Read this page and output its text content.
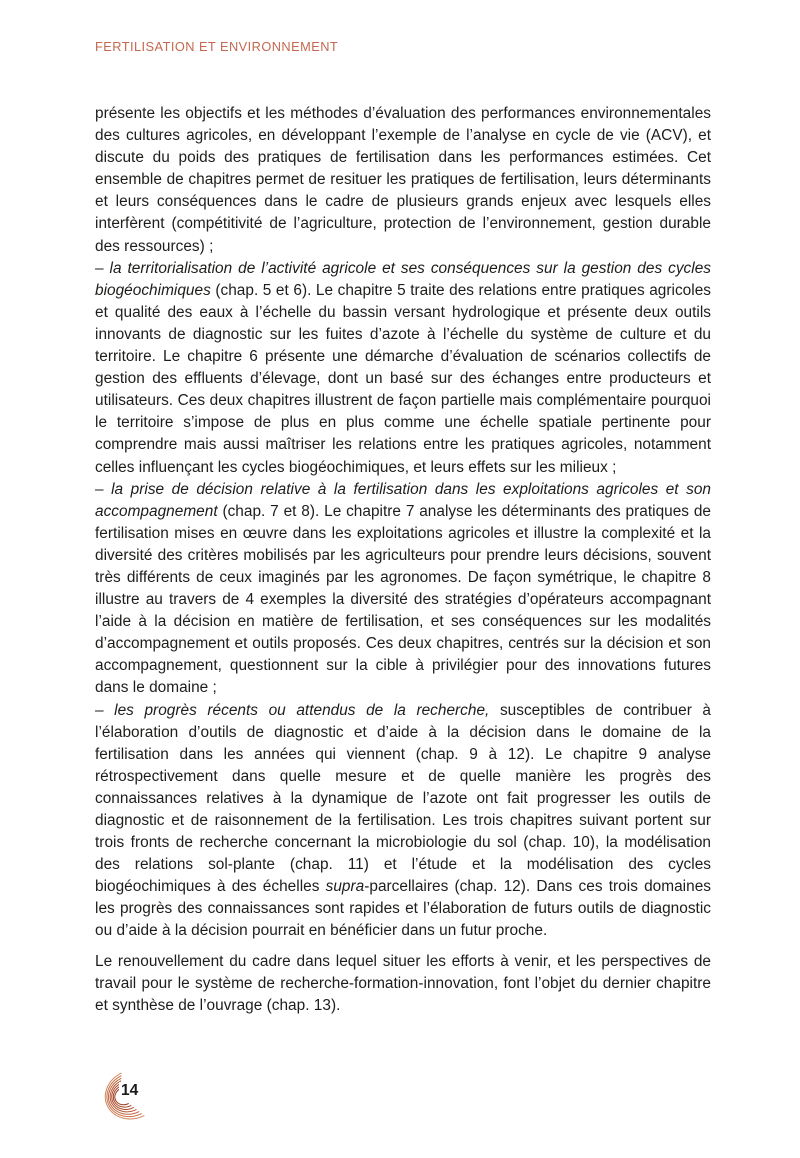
FERTILISATION ET ENVIRONNEMENT

présente les objectifs et les méthodes d’évaluation des performances environnementales des cultures agricoles, en développant l’exemple de l’analyse en cycle de vie (ACV), et discute du poids des pratiques de fertilisation dans les performances estimées. Cet ensemble de chapitres permet de resituer les pratiques de fertilisation, leurs déterminants et leurs conséquences dans le cadre de plusieurs grands enjeux avec lesquels elles interfèrent (compétitivité de l’agriculture, protection de l’environnement, gestion durable des ressources) ;

– la territorialisation de l’activité agricole et ses conséquences sur la gestion des cycles biogéochimiques (chap. 5 et 6). Le chapitre 5 traite des relations entre pratiques agricoles et qualité des eaux à l’échelle du bassin versant hydrologique et présente deux outils innovants de diagnostic sur les fuites d’azote à l’échelle du système de culture et du territoire. Le chapitre 6 présente une démarche d’évaluation de scénarios collectifs de gestion des effluents d’élevage, dont un basé sur des échanges entre producteurs et utilisateurs. Ces deux chapitres illustrent de façon partielle mais complémentaire pourquoi le territoire s’impose de plus en plus comme une échelle spatiale pertinente pour comprendre mais aussi maîtriser les relations entre les pratiques agricoles, notamment celles influençant les cycles biogéochimiques, et leurs effets sur les milieux ;

– la prise de décision relative à la fertilisation dans les exploitations agricoles et son accompagnement (chap. 7 et 8). Le chapitre 7 analyse les déterminants des pratiques de fertilisation mises en œuvre dans les exploitations agricoles et illustre la complexité et la diversité des critères mobilisés par les agriculteurs pour prendre leurs décisions, souvent très différents de ceux imaginés par les agronomes. De façon symétrique, le chapitre 8 illustre au travers de 4 exemples la diversité des stratégies d’opérateurs accompagnant l’aide à la décision en matière de fertilisation, et ses conséquences sur les modalités d’accompagnement et outils proposés. Ces deux chapitres, centrés sur la décision et son accompagnement, questionnent sur la cible à privilégier pour des innovations futures dans le domaine ;

– les progrès récents ou attendus de la recherche, susceptibles de contribuer à l’élaboration d’outils de diagnostic et d’aide à la décision dans le domaine de la fertilisation dans les années qui viennent (chap. 9 à 12). Le chapitre 9 analyse rétrospectivement dans quelle mesure et de quelle manière les progrès des connaissances relatives à la dynamique de l’azote ont fait progresser les outils de diagnostic et de raisonnement de la fertilisation. Les trois chapitres suivant portent sur trois fronts de recherche concernant la microbiologie du sol (chap. 10), la modélisation des relations sol-plante (chap. 11) et l’étude et la modélisation des cycles biogéochimiques à des échelles supra-parcellaires (chap. 12). Dans ces trois domaines les progrès des connaissances sont rapides et l’élaboration de futurs outils de diagnostic ou d’aide à la décision pourrait en bénéficier dans un futur proche.

Le renouvellement du cadre dans lequel situer les efforts à venir, et les perspectives de travail pour le système de recherche-formation-innovation, font l’objet du dernier chapitre et synthèse de l’ouvrage (chap. 13).

14
